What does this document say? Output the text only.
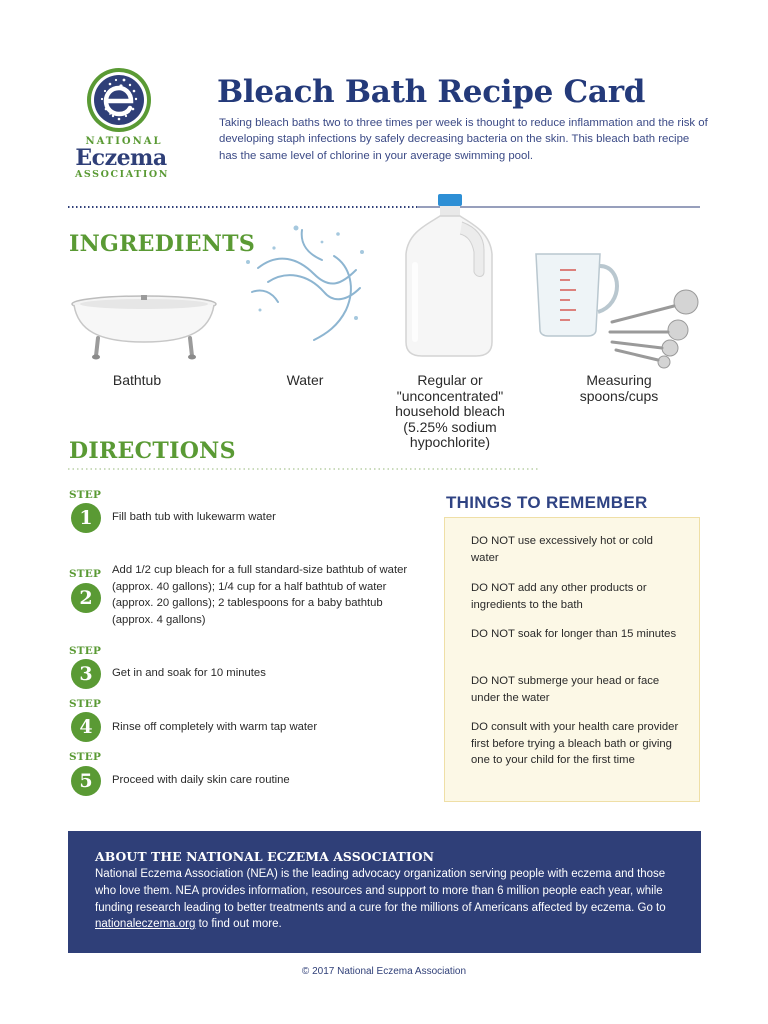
NATIONAL
Eczema
ASSOCIATION
Bleach Bath Recipe Card

Taking bleach baths two to three times per week is thought to reduce inflammation and the risk of developing staph infections by safely decreasing bacteria on the skin. This bleach bath recipe has the same level of chlorine in your average swimming pool.

INGREDIENTS
Bathtub	Water	Regular or "unconcentrated" household bleach (5.25% sodium hypochlorite)
Measuring spoons/cups
DIRECTIONS
STEP
1	Fill bath tub with lukewarm water

STEP
2

Add 1/2 cup bleach for a full standard-size bathtub of water (approx. 40 gallons); 1/4 cup for a half bathtub of water (approx. 20 gallons); 2 tablespoons for a baby bathtub (approx. 4 gallons)

STEP
3	Get in and soak for 10 minutes

STEP
4	Rinse off completely with warm tap water

STEP
5	Proceed with daily skin care routine

THINGS TO REMEMBER

DO NOT use excessively hot or cold water

DO NOT add any other products or ingredients to the bath

DO NOT soak for longer than 15 minutes

DO NOT submerge your head or face under the water

DO consult with your health care provider first before trying a bleach bath or giving one to your child for the first time

ABOUT THE NATIONAL ECZEMA ASSOCIATION

National Eczema Association (NEA) is the leading advocacy organization serving people with eczema and those who love them. NEA provides information, resources and support to more than 6 million people each year, while funding research leading to better treatments and a cure for the millions of Americans affected by eczema. Go to nationaleczema.org to find out more.

© 2017 National Eczema Association
